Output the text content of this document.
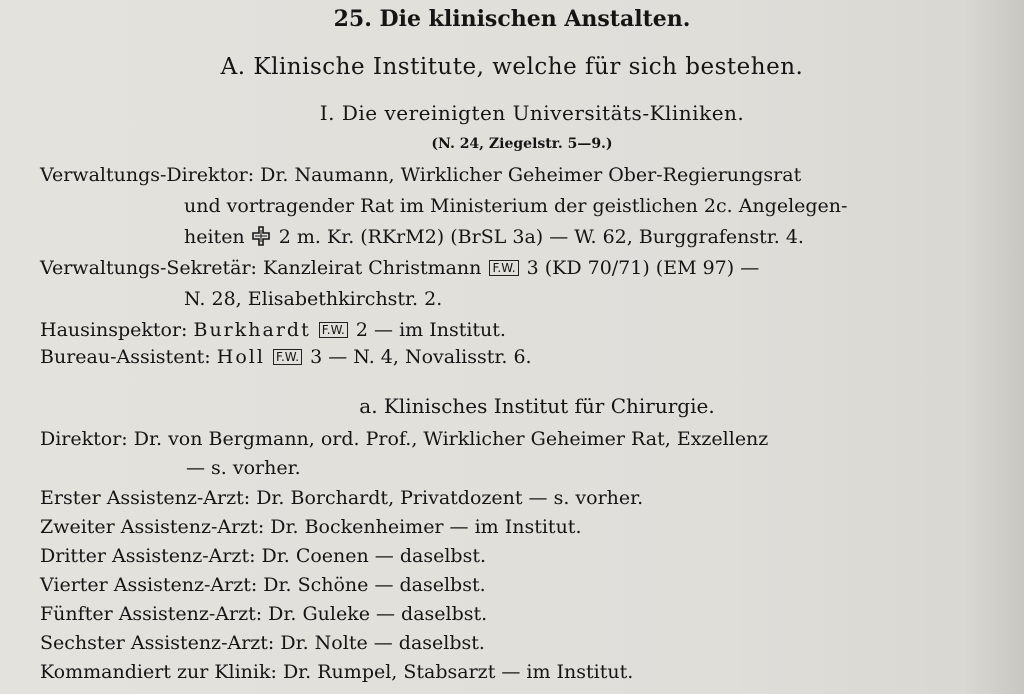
25. Die klinischen Anstalten.
A. Klinische Institute, welche für sich bestehen.
I. Die vereinigten Universitäts-Kliniken.
(N. 24, Ziegelstr. 5—9.)
Verwaltungs-Direktor: Dr. Naumann, Wirklicher Geheimer Ober-Regierungsrat
und vortragender Rat im Ministerium der geistlichen 2c. Angelegen-
heiten 2 m. Kr. (RKrM2) (BrSL 3a) — W. 62, Burggrafenstr. 4.
Verwaltungs-Sekretär: Kanzleirat Christmann F.W. 3 (KD 70/71) (EM 97) —
N. 28, Elisabethkirchstr. 2.
Hausinspektor: Burkhardt F.W. 2 — im Institut.
Bureau-Assistent: Holl F.W. 3 — N. 4, Novalisstr. 6.
a. Klinisches Institut für Chirurgie.
Direktor: Dr. von Bergmann, ord. Prof., Wirklicher Geheimer Rat, Exzellenz
— s. vorher.
Erster Assistenz-Arzt: Dr. Borchardt, Privatdozent — s. vorher.
Zweiter Assistenz-Arzt: Dr. Bockenheimer — im Institut.
Dritter Assistenz-Arzt: Dr. Coenen — daselbst.
Vierter Assistenz-Arzt: Dr. Schöne — daselbst.
Fünfter Assistenz-Arzt: Dr. Guleke — daselbst.
Sechster Assistenz-Arzt: Dr. Nolte — daselbst.
Kommandiert zur Klinik: Dr. Rumpel, Stabsarzt — im Institut.
